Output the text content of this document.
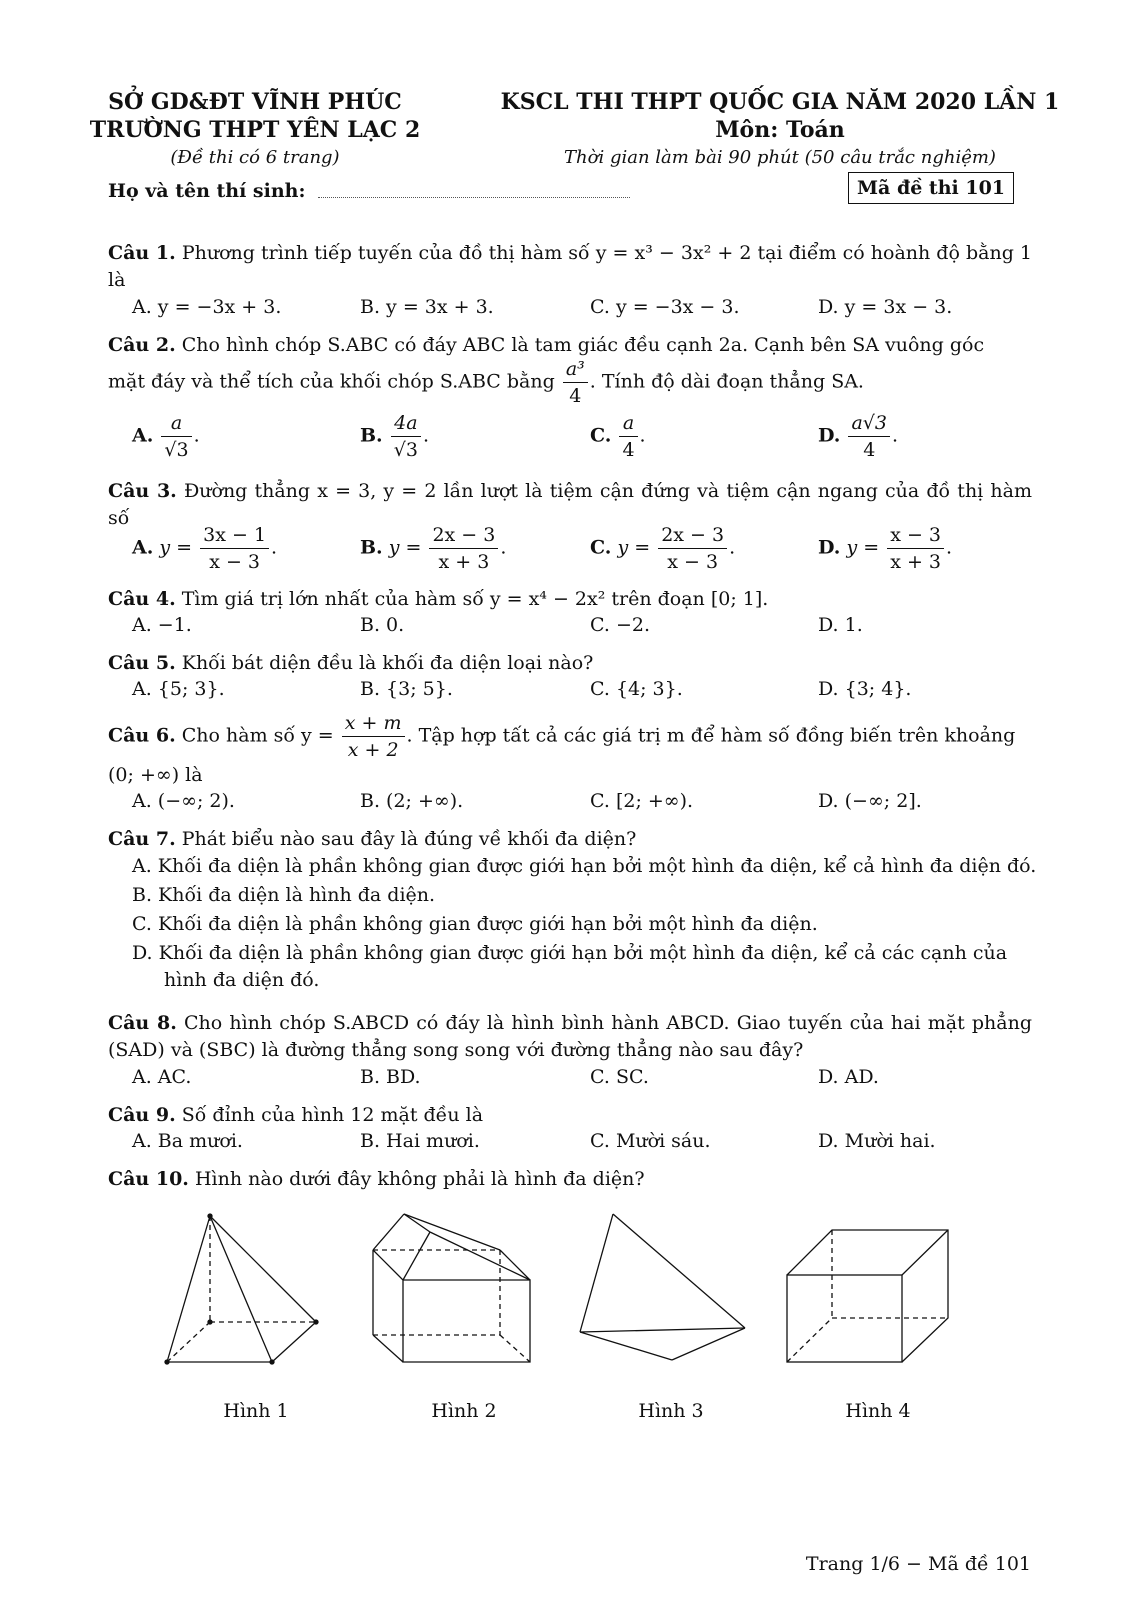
SỞ GD&ĐT VĨNH PHÚC
TRƯỜNG THPT YÊN LẠC 2
(Đề thi có 6 trang)
KSCL THI THPT QUỐC GIA NĂM 2020 LẦN 1
Môn: Toán
Thời gian làm bài 90 phút (50 câu trắc nghiệm)
Họ và tên thí sinh:	Mã đề thi 101
Câu 1. Phương trình tiếp tuyến của đồ thị hàm số y = x³ − 3x² + 2 tại điểm có hoành độ bằng 1 là
A. y = −3x + 3.	B. y = 3x + 3.	C. y = −3x − 3.	D. y = 3x − 3.
Câu 2. Cho hình chóp S.ABC có đáy ABC là tam giác đều cạnh 2a. Cạnh bên SA vuông góc
mặt đáy và thể tích của khối chóp S.ABC bằng $\frac{\text{a³}}{4}$ . Tính độ dài đoạn thẳng SA.
A. $\frac{a}{√3}$ .	B. $\frac{4a}{√3}$ .	C. $\frac{a}{4}$ .	D. $\frac{a√3}{4}$ .
Câu 3. Đường thẳng x = 3, y = 2 lần lượt là tiệm cận đứng và tiệm cận ngang của đồ thị hàm số
A. $y = \frac{3x - 1}{x - 3}$ .	B. $y = \frac{2x - 3}{x + 3}$ .	C. $y = \frac{2x - 3}{x - 3}$ .	D. $y = \frac{x - 3}{x + 3}$ .
Câu 4. Tìm giá trị lớn nhất của hàm số y = x⁴ − 2x² trên đoạn [0; 1].
A. −1.	B. 0.	C. −2.	D. 1.
Câu 5. Khối bát diện đều là khối đa diện loại nào?
A. {5; 3}.	B. {3; 5}.	C. {4; 3}.	D. {3; 4}.
Câu 6. Cho hàm số $y = \frac{x + m}{x + 2}$ . Tập hợp tất cả các giá trị m để hàm số đồng biến trên khoảng
(0; +∞) là
A. (−∞; 2).	B. (2; +∞).	C. [2; +∞).	D. (−∞; 2].
Câu 7. Phát biểu nào sau đây là đúng về khối đa diện?
A. Khối đa diện là phần không gian được giới hạn bởi một hình đa diện, kể cả hình đa diện đó.
B. Khối đa diện là hình đa diện.
C. Khối đa diện là phần không gian được giới hạn bởi một hình đa diện.
D. Khối đa diện là phần không gian được giới hạn bởi một hình đa diện, kể cả các cạnh của
hình đa diện đó.
Câu 8. Cho hình chóp S.ABCD có đáy là hình bình hành ABCD. Giao tuyến của hai mặt phẳng (SAD) và (SBC) là đường thẳng song song với đường thẳng nào sau đây?
A. AC.	B. BD.	C. SC.	D. AD.
Câu 9. Số đỉnh của hình 12 mặt đều là
A. Ba mươi.	B. Hai mươi.	C. Mười sáu.	D. Mười hai.
Câu 10. Hình nào dưới đây không phải là hình đa diện?
Hình 1	Hình 2	Hình 3	Hình 4
Trang 1/6 − Mã đề 101
